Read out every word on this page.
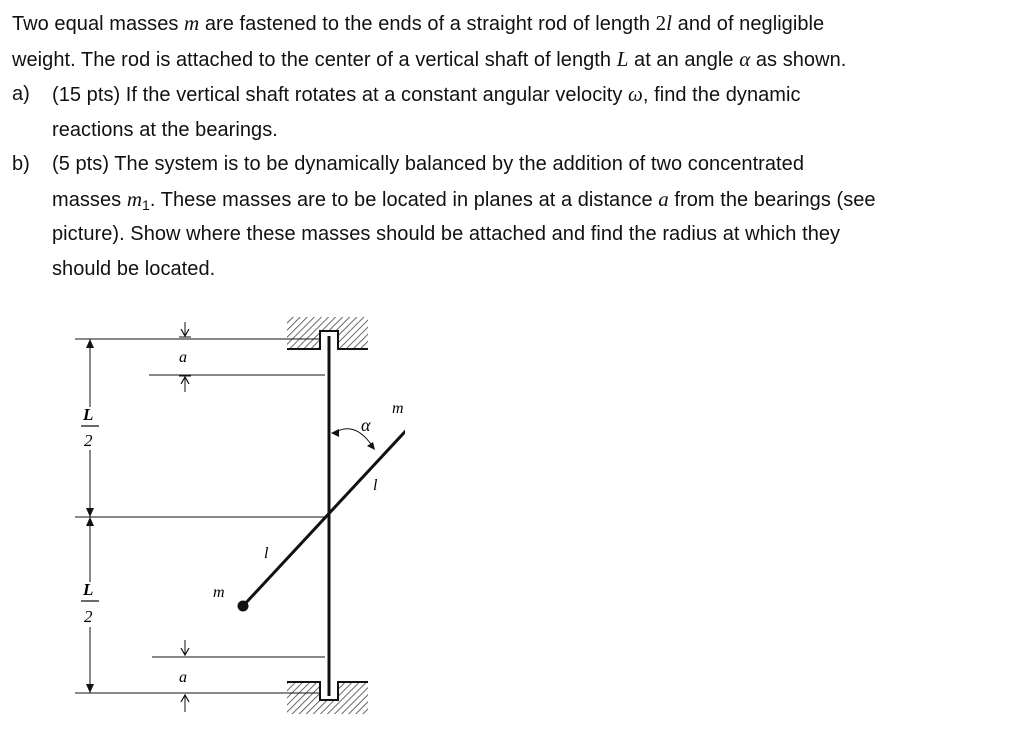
Two equal masses m are fastened to the ends of a straight rod of length 2l and of negligible
weight. The rod is attached to the center of a vertical shaft of length L at an angle α as shown.
a) (15 pts) If the vertical shaft rotates at a constant angular velocity ω, find the dynamic
reactions at the bearings.
b) (5 pts) The system is to be dynamically balanced by the addition of two concentrated
masses $m_1$. These masses are to be located in planes at a distance a from the bearings (see
picture). Show where these masses should be attached and find the radius at which they
should be located.
L
2
L
2
a
a
α
l
l
m
m
